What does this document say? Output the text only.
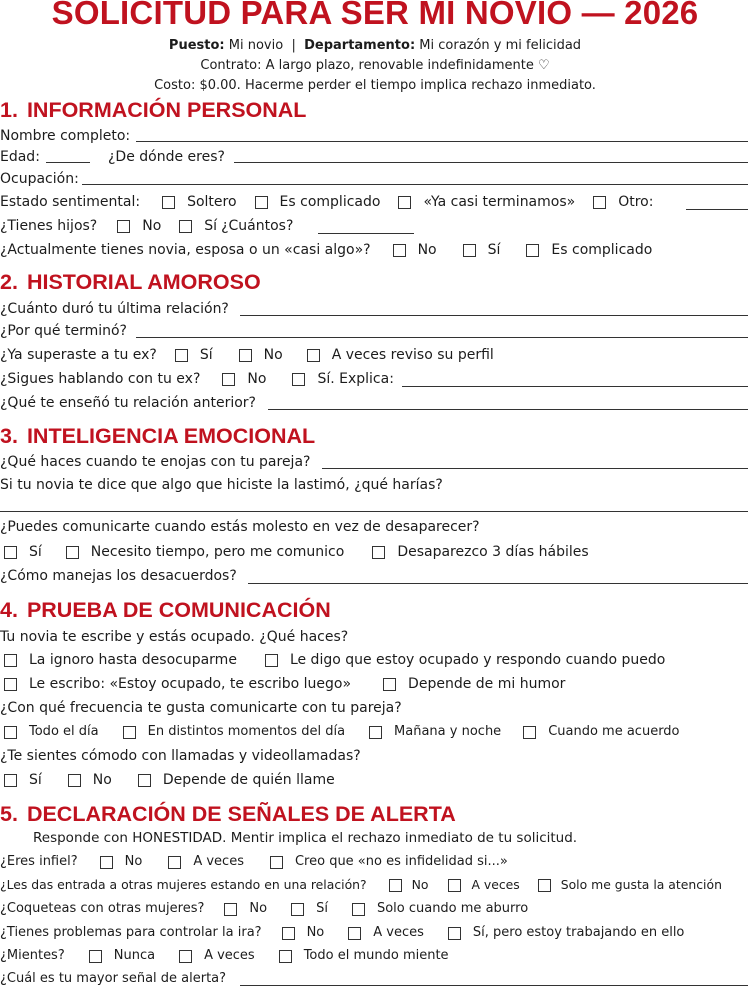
SOLICITUD PARA SER MI NOVIO — 2026
Puesto: Mi novio | Departamento: Mi corazón y mi felicidad
Contrato: A largo plazo, renovable indefinidamente ♡
Costo: $0.00. Hacerme perder el tiempo implica rechazo inmediato.
1. INFORMACIÓN PERSONAL
Nombre completo:
Edad:	¿De dónde eres?
Ocupación:
Estado sentimental:	Soltero	Es complicado	«Ya casi terminamos»	Otro:
¿Tienes hijos?	No	Sí ¿Cuántos?
¿Actualmente tienes novia, esposa o un «casi algo»?	No	Sí	Es complicado
2. HISTORIAL AMOROSO
¿Cuánto duró tu última relación?
¿Por qué terminó?
¿Ya superaste a tu ex?	Sí	No	A veces reviso su perfil
¿Sigues hablando con tu ex?	No	Sí. Explica:
¿Qué te enseñó tu relación anterior?
3. INTELIGENCIA EMOCIONAL
¿Qué haces cuando te enojas con tu pareja?
Si tu novia te dice que algo que hiciste la lastimó, ¿qué harías?
¿Puedes comunicarte cuando estás molesto en vez de desaparecer?
Sí	Necesito tiempo, pero me comunico	Desaparezco 3 días hábiles
¿Cómo manejas los desacuerdos?
4. PRUEBA DE COMUNICACIÓN
Tu novia te escribe y estás ocupado. ¿Qué haces?
La ignoro hasta desocuparme	Le digo que estoy ocupado y respondo cuando puedo
Le escribo: «Estoy ocupado, te escribo luego»	Depende de mi humor
¿Con qué frecuencia te gusta comunicarte con tu pareja?
Todo el día	En distintos momentos del día	Mañana y noche	Cuando me acuerdo
¿Te sientes cómodo con llamadas y videollamadas?
Sí	No	Depende de quién llame
5. DECLARACIÓN DE SEÑALES DE ALERTA
Responde con HONESTIDAD. Mentir implica el rechazo inmediato de tu solicitud.
¿Eres infiel?	No	A veces	Creo que «no es infidelidad si...»
¿Les das entrada a otras mujeres estando en una relación?	No	A veces	Solo me gusta la atención
¿Coqueteas con otras mujeres?	No	Sí	Solo cuando me aburro
¿Tienes problemas para controlar la ira?	No	A veces	Sí, pero estoy trabajando en ello
¿Mientes?	Nunca	A veces	Todo el mundo miente
¿Cuál es tu mayor señal de alerta?
